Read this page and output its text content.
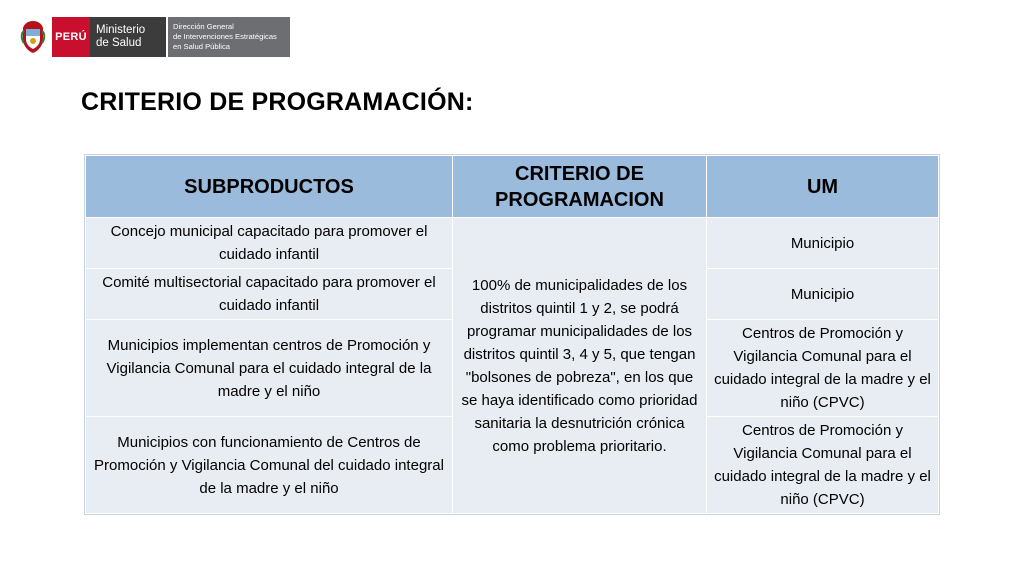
PERÚ
Ministerio
de Salud
Dirección General
de Intervenciones Estratégicas
en Salud Pública
CRITERIO DE PROGRAMACIÓN:
SUBPRODUCTOS	CRITERIO DE PROGRAMACION	UM
Concejo municipal capacitado para promover el cuidado infantil	100% de municipalidades de los distritos quintil 1 y 2, se podrá programar municipalidades de los distritos quintil 3, 4 y 5, que tengan "bolsones de pobreza", en los que se haya identificado como prioridad sanitaria la desnutrición crónica como problema prioritario.	Municipio
Comité multisectorial capacitado para promover el cuidado infantil		Municipio
Municipios implementan centros de Promoción y Vigilancia Comunal para el cuidado integral de la madre y el niño		Centros de Promoción y Vigilancia Comunal para el cuidado integral de la madre y el niño (CPVC)
Municipios con funcionamiento de Centros de Promoción y Vigilancia Comunal del cuidado integral de la madre y el niño		Centros de Promoción y Vigilancia Comunal para el cuidado integral de la madre y el niño (CPVC)
